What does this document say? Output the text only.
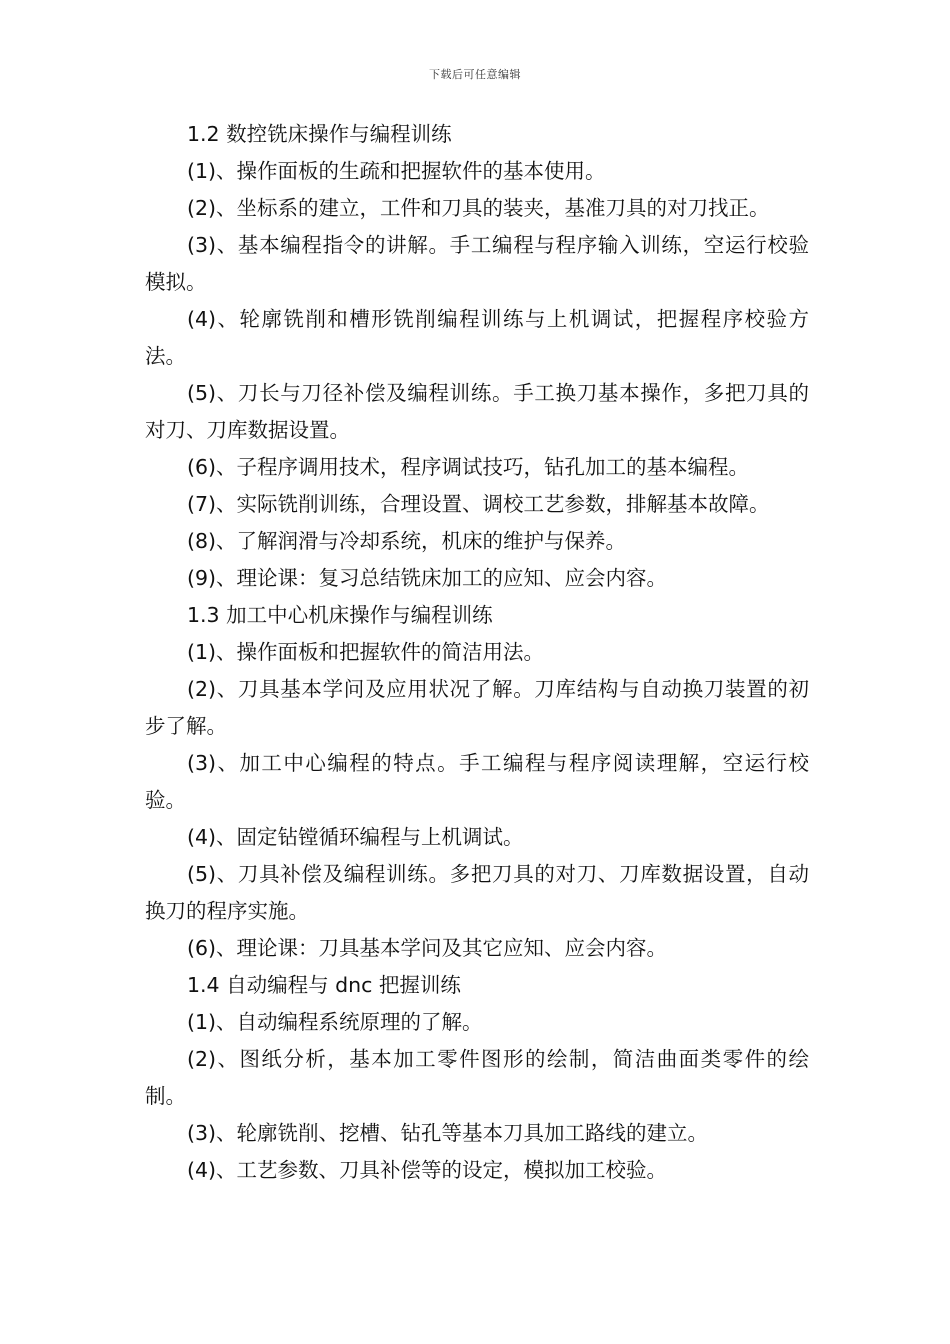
下载后可任意编辑

1.2 数控铣床操作与编程训练

(1)、操作面板的生疏和把握软件的基本使用。

(2)、坐标系的建立，工件和刀具的装夹，基准刀具的对刀找正。

(3)、基本编程指令的讲解。手工编程与程序输入训练，空运行校验模拟。

(4)、轮廓铣削和槽形铣削编程训练与上机调试，把握程序校验方法。

(5)、刀长与刀径补偿及编程训练。手工换刀基本操作，多把刀具的对刀、刀库数据设置。

(6)、子程序调用技术，程序调试技巧，钻孔加工的基本编程。

(7)、实际铣削训练，合理设置、调校工艺参数，排解基本故障。

(8)、了解润滑与冷却系统，机床的维护与保养。

(9)、理论课：复习总结铣床加工的应知、应会内容。

1.3 加工中心机床操作与编程训练

(1)、操作面板和把握软件的简洁用法。

(2)、刀具基本学问及应用状况了解。刀库结构与自动换刀装置的初步了解。

(3)、加工中心编程的特点。手工编程与程序阅读理解，空运行校验。

(4)、固定钻镗循环编程与上机调试。

(5)、刀具补偿及编程训练。多把刀具的对刀、刀库数据设置，自动换刀的程序实施。

(6)、理论课：刀具基本学问及其它应知、应会内容。

1.4 自动编程与 dnc 把握训练

(1)、自动编程系统原理的了解。

(2)、图纸分析，基本加工零件图形的绘制，简洁曲面类零件的绘制。

(3)、轮廓铣削、挖槽、钻孔等基本刀具加工路线的建立。

(4)、工艺参数、刀具补偿等的设定，模拟加工校验。
